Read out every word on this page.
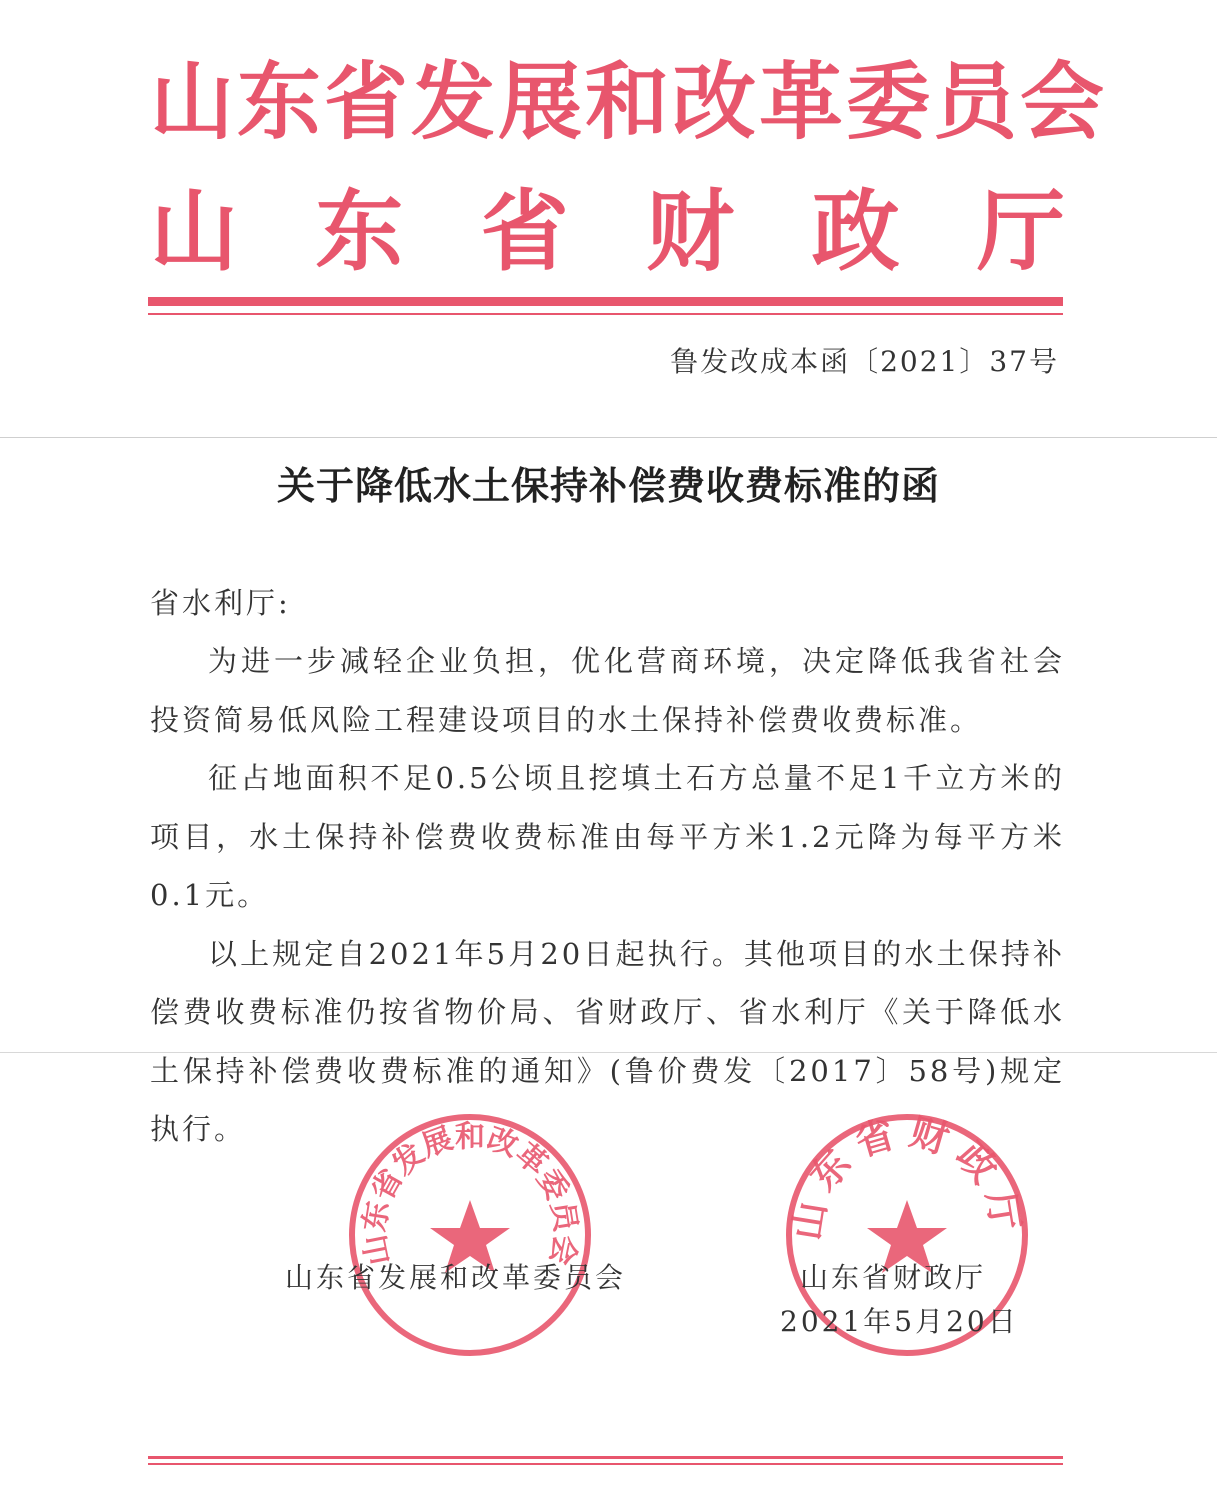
山东省发展和改革委员会
山 东 省 财 政 厅
鲁发改成本函〔2021〕37号
关于降低水土保持补偿费收费标准的函
省水利厅:

为进一步减轻企业负担，优化营商环境，决定降低我省社会投资简易低风险工程建设项目的水土保持补偿费收费标准。

征占地面积不足0.5公顷且挖填土石方总量不足1千立方米的项目，水土保持补偿费收费标准由每平方米1.2元降为每平方米0.1元。

以上规定自2021年5月20日起执行。其他项目的水土保持补偿费收费标准仍按省物价局、省财政厅、省水利厅《关于降低水土保持补偿费收费标准的通知》(鲁价费发〔2017〕58号)规定执行。

山东省发展和改革委员会
山东省财政厅
山东省发展和改革委员会	山东省财政厅
2021年5月20日
